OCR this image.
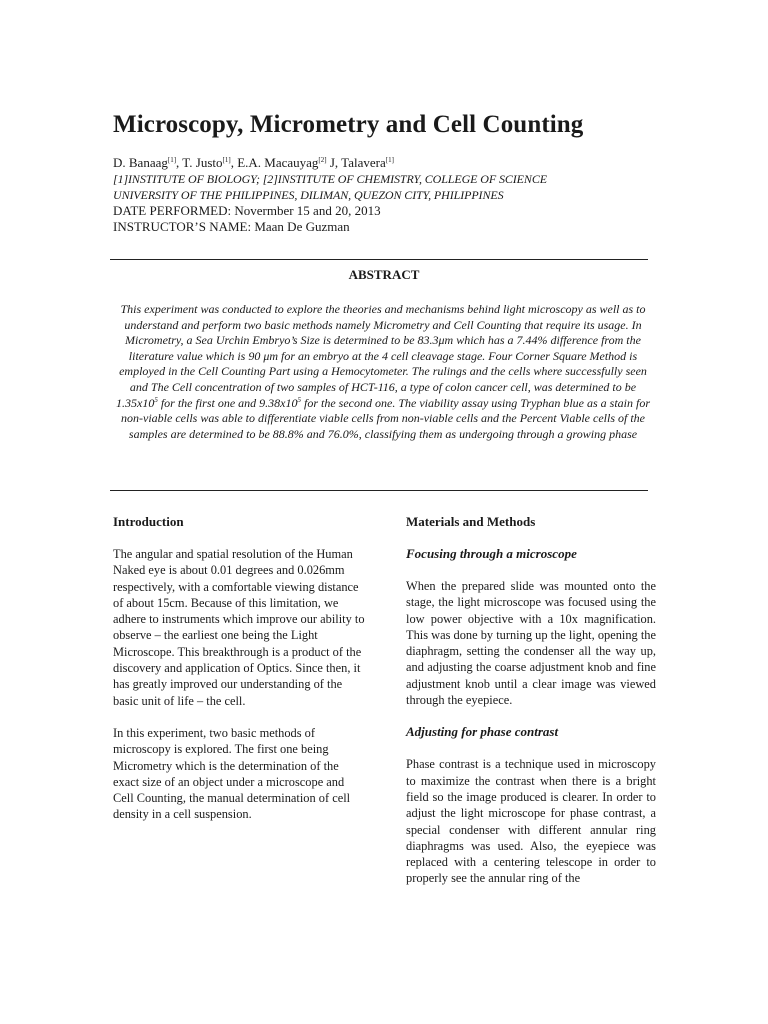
Microscopy, Micrometry and Cell Counting
D. Banaag[1], T. Justo[1], E.A. Macauyag[2] J, Talavera[1]
[1]INSTITUTE OF BIOLOGY; [2]INSTITUTE OF CHEMISTRY, COLLEGE OF SCIENCE
UNIVERSITY OF THE PHILIPPINES, DILIMAN, QUEZON CITY, PHILIPPINES
DATE PERFORMED: Novermber 15 and 20, 2013
INSTRUCTOR’S NAME: Maan De Guzman
ABSTRACT
This experiment was conducted to explore the theories and mechanisms behind light microscopy as well as to understand and perform two basic methods namely Micrometry and Cell Counting that require its usage. In Micrometry, a Sea Urchin Embryo’s Size is determined to be 83.3μm which has a 7.44% difference from the literature value which is 90 μm for an embryo at the 4 cell cleavage stage. Four Corner Square Method is employed in the Cell Counting Part using a Hemocytometer. The rulings and the cells where successfully seen and The Cell concentration of two samples of HCT-116, a type of colon cancer cell, was determined to be $1.35x10^5$ for the first one and $9.38x10^5$ for the second one. The viability assay using Tryphan blue as a stain for non-viable cells was able to differentiate viable cells from non-viable cells and the Percent Viable cells of the samples are determined to be 88.8% and 76.0%, classifying them as undergoing through a growing phase
Introduction

The angular and spatial resolution of the Human Naked eye is about 0.01 degrees and 0.026mm respectively, with a comfortable viewing distance of about 15cm. Because of this limitation, we adhere to instruments which improve our ability to observe – the earliest one being the Light Microscope. This breakthrough is a product of the discovery and application of Optics. Since then, it has greatly improved our understanding of the basic unit of life – the cell.

In this experiment, two basic methods of microscopy is explored. The first one being Micrometry which is the determination of the exact size of an object under a microscope and Cell Counting, the manual determination of cell density in a cell suspension.

Materials and Methods
Focusing through a microscope

When the prepared slide was mounted onto the stage, the light microscope was focused using the low power objective with a 10x magnification. This was done by turning up the light, opening the diaphragm, setting the condenser all the way up, and adjusting the coarse adjustment knob and fine adjustment knob until a clear image was viewed through the eyepiece.

Adjusting for phase contrast

Phase contrast is a technique used in microscopy to maximize the contrast when there is a bright field so the image produced is clearer. In order to adjust the light microscope for phase contrast, a special condenser with different annular ring diaphragms was used. Also, the eyepiece was replaced with a centering telescope in order to properly see the annular ring of the
